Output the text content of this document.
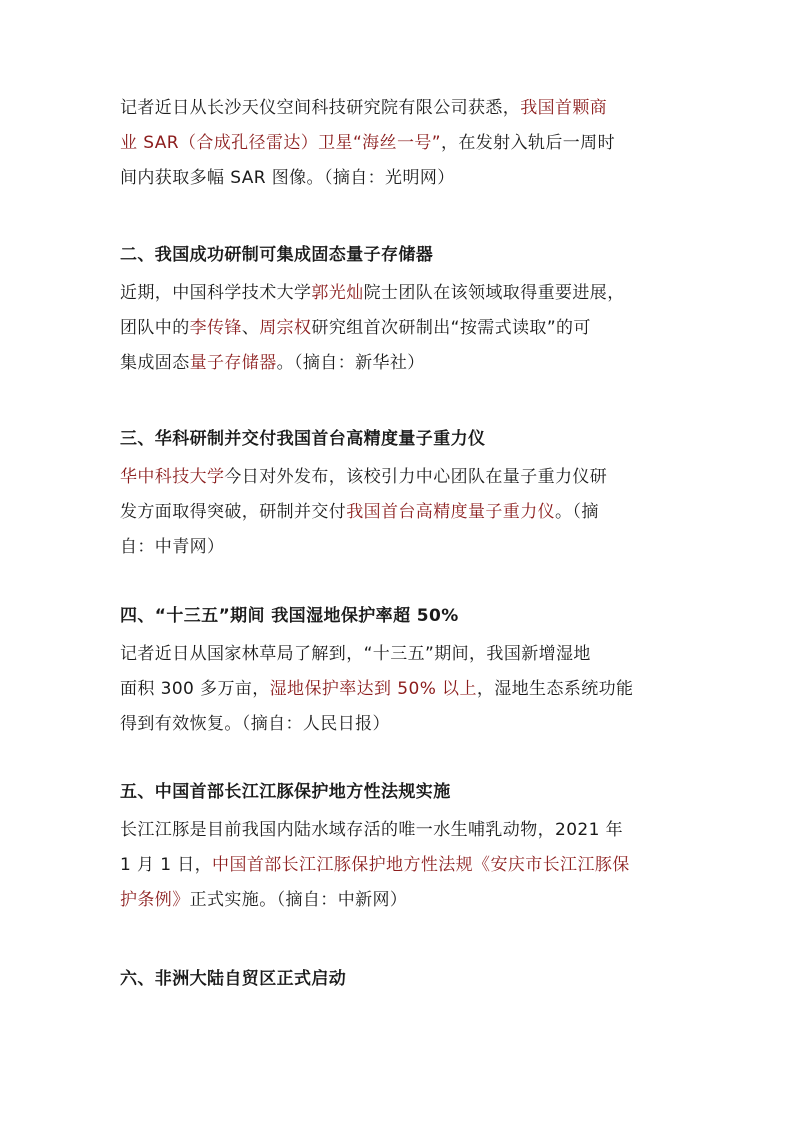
记者近日从长沙天仪空间科技研究院有限公司获悉，我国首颗商
业 SAR（合成孔径雷达）卫星“海丝一号”，在发射入轨后一周时
间内获取多幅 SAR 图像。（摘自：光明网）
二、我国成功研制可集成固态量子存储器
近期，中国科学技术大学郭光灿院士团队在该领域取得重要进展，
团队中的李传锋、周宗权研究组首次研制出“按需式读取”的可
集成固态量子存储器。（摘自：新华社）
三、华科研制并交付我国首台高精度量子重力仪
华中科技大学今日对外发布，该校引力中心团队在量子重力仪研
发方面取得突破，研制并交付我国首台高精度量子重力仪。（摘
自：中青网）
四、“十三五”期间 我国湿地保护率超 50%
记者近日从国家林草局了解到，“十三五”期间，我国新增湿地
面积 300 多万亩，湿地保护率达到 50% 以上，湿地生态系统功能
得到有效恢复。（摘自：人民日报）
五、中国首部长江江豚保护地方性法规实施
长江江豚是目前我国内陆水域存活的唯一水生哺乳动物，2021 年
1 月 1 日，中国首部长江江豚保护地方性法规《安庆市长江江豚保
护条例》正式实施。（摘自：中新网）
六、非洲大陆自贸区正式启动
